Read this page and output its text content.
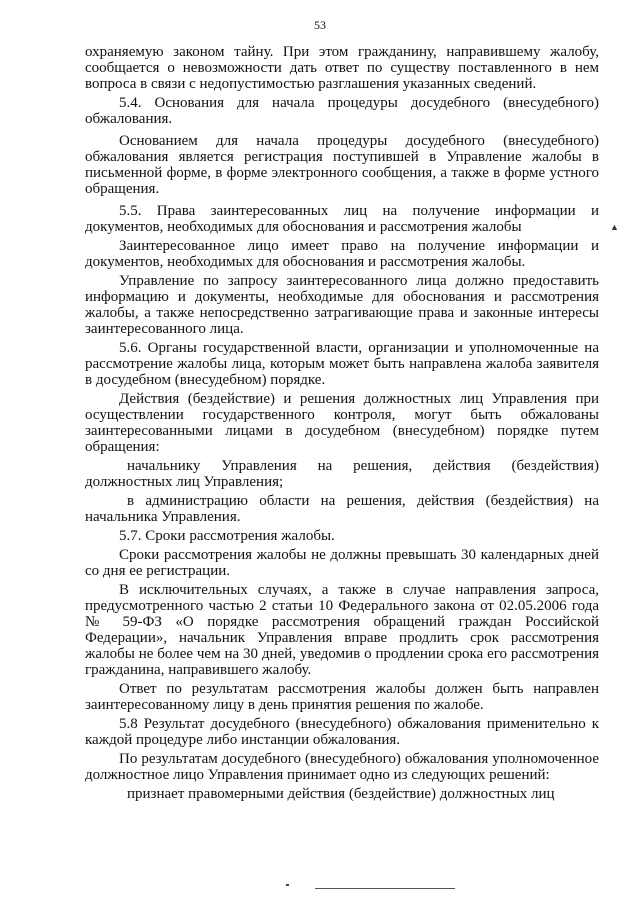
53

охраняемую законом тайну. При этом гражданину, направившему жалобу, сообщается о невозможности дать ответ по существу поставленного в нем вопроса в связи с недопустимостью разглашения указанных сведений.

5.4. Основания для начала процедуры досудебного (внесудебного) обжалования.

Основанием для начала процедуры досудебного (внесудебного) обжалования является регистрация поступившей в Управление жалобы в письменной форме, в форме электронного сообщения, а также в форме устного обращения.

5.5. Права заинтересованных лиц на получение информации и документов, необходимых для обоснования и рассмотрения жалобы

Заинтересованное лицо имеет право на получение информации и документов, необходимых для обоснования и рассмотрения жалобы.

Управление по запросу заинтересованного лица должно предоставить информацию и документы, необходимые для обоснования и рассмотрения жалобы, а также непосредственно затрагивающие права и законные интересы заинтересованного лица.

5.6. Органы государственной власти, организации и уполномоченные на рассмотрение жалобы лица, которым может быть направлена жалоба заявителя в досудебном (внесудебном) порядке.

Действия (бездействие) и решения должностных лиц Управления при осуществлении государственного контроля, могут быть обжалованы заинтересованными лицами в досудебном (внесудебном) порядке путем обращения:

начальнику Управления на решения, действия (бездействия) должностных лиц Управления;

в администрацию области на решения, действия (бездействия) на начальника Управления.

5.7. Сроки рассмотрения жалобы.

Сроки рассмотрения жалобы не должны превышать 30 календарных дней со дня ее регистрации.

В исключительных случаях, а также в случае направления запроса, предусмотренного частью 2 статьи 10 Федерального закона от 02.05.2006 года № 59-ФЗ «О порядке рассмотрения обращений граждан Российской Федерации», начальник Управления вправе продлить срок рассмотрения жалобы не более чем на 30 дней, уведомив о продлении срока его рассмотрения гражданина, направившего жалобу.

Ответ по результатам рассмотрения жалобы должен быть направлен заинтересованному лицу в день принятия решения по жалобе.

5.8 Результат досудебного (внесудебного) обжалования применительно к каждой процедуре либо инстанции обжалования.

По результатам досудебного (внесудебного) обжалования уполномоченное должностное лицо Управления принимает одно из следующих решений:

признает правомерными действия (бездействие) должностных лиц

▲
